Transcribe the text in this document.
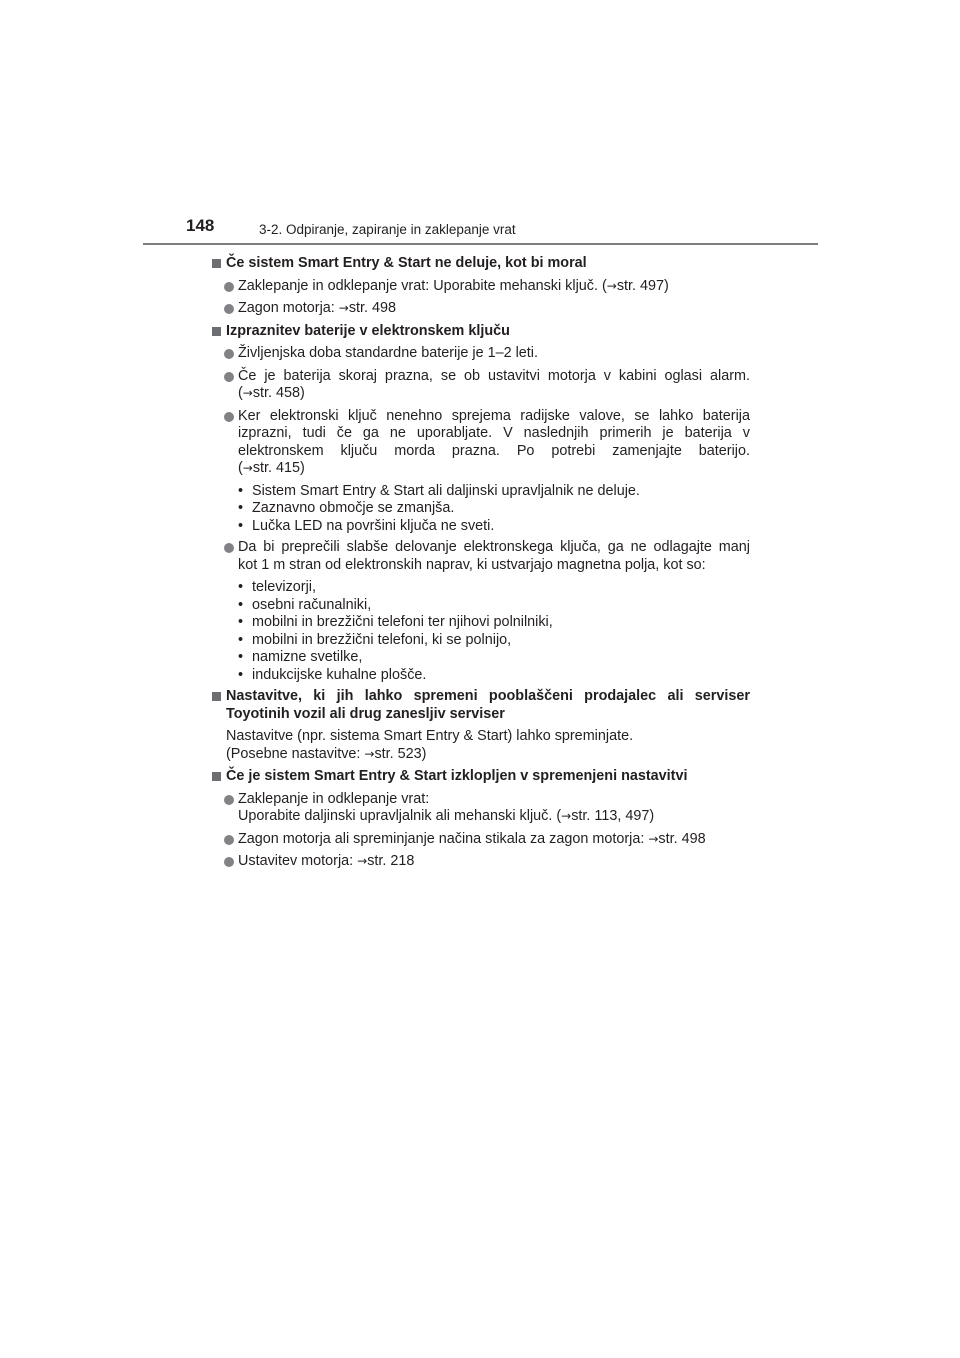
148	3-2. Odpiranje, zapiranje in zaklepanje vrat
Če sistem Smart Entry & Start ne deluje, kot bi moral
Zaklepanje in odklepanje vrat: Uporabite mehanski ključ. (→str. 497)
Zagon motorja: →str. 498
Izpraznitev baterije v elektronskem ključu
Življenjska doba standardne baterije je 1–2 leti.
Če je baterija skoraj prazna, se ob ustavitvi motorja v kabini oglasi alarm.
(→str. 458)
Ker elektronski ključ nenehno sprejema radijske valove, se lahko baterija
izprazni, tudi če ga ne uporabljate. V naslednjih primerih je baterija v
elektronskem ključu morda prazna. Po potrebi zamenjajte baterijo.
(→str. 415)
• Sistem Smart Entry & Start ali daljinski upravljalnik ne deluje.
• Zaznavno območje se zmanjša.
• Lučka LED na površini ključa ne sveti.
Da bi preprečili slabše delovanje elektronskega ključa, ga ne odlagajte manj
kot 1 m stran od elektronskih naprav, ki ustvarjajo magnetna polja, kot so:
• televizorji,
• osebni računalniki,
• mobilni in brezžični telefoni ter njihovi polnilniki,
• mobilni in brezžični telefoni, ki se polnijo,
• namizne svetilke,
• indukcijske kuhalne plošče.
Nastavitve, ki jih lahko spremeni pooblaščeni prodajalec ali serviser
Toyotinih vozil ali drug zanesljiv serviser
Nastavitve (npr. sistema Smart Entry & Start) lahko spreminjate.
(Posebne nastavitve: →str. 523)
Če je sistem Smart Entry & Start izklopljen v spremenjeni nastavitvi
Zaklepanje in odklepanje vrat:
Uporabite daljinski upravljalnik ali mehanski ključ. (→str. 113, 497)
Zagon motorja ali spreminjanje načina stikala za zagon motorja: →str. 498
Ustavitev motorja: →str. 218
